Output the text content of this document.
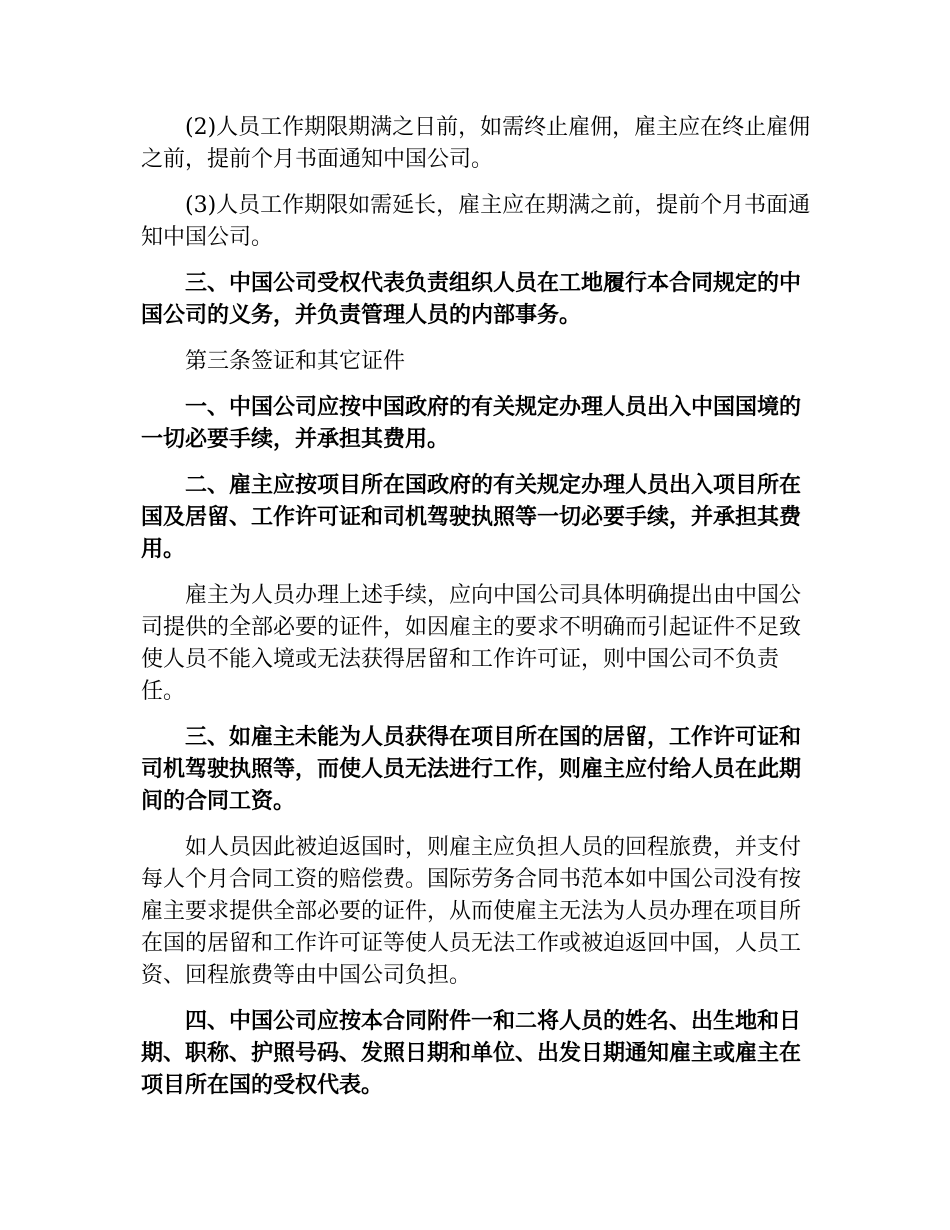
(2)人员工作期限期满之日前，如需终止雇佣，雇主应在终止雇佣之前，提前个月书面通知中国公司。

(3)人员工作期限如需延长，雇主应在期满之前，提前个月书面通知中国公司。

三、中国公司受权代表负责组织人员在工地履行本合同规定的中国公司的义务，并负责管理人员的内部事务。

第三条签证和其它证件

一、中国公司应按中国政府的有关规定办理人员出入中国国境的一切必要手续，并承担其费用。

二、雇主应按项目所在国政府的有关规定办理人员出入项目所在国及居留、工作许可证和司机驾驶执照等一切必要手续，并承担其费用。

雇主为人员办理上述手续，应向中国公司具体明确提出由中国公司提供的全部必要的证件，如因雇主的要求不明确而引起证件不足致使人员不能入境或无法获得居留和工作许可证，则中国公司不负责任。

三、如雇主未能为人员获得在项目所在国的居留，工作许可证和司机驾驶执照等，而使人员无法进行工作，则雇主应付给人员在此期间的合同工资。

如人员因此被迫返国时，则雇主应负担人员的回程旅费，并支付每人个月合同工资的赔偿费。国际劳务合同书范本如中国公司没有按雇主要求提供全部必要的证件，从而使雇主无法为人员办理在项目所在国的居留和工作许可证等使人员无法工作或被迫返回中国，人员工资、回程旅费等由中国公司负担。

四、中国公司应按本合同附件一和二将人员的姓名、出生地和日期、职称、护照号码、发照日期和单位、出发日期通知雇主或雇主在项目所在国的受权代表。
